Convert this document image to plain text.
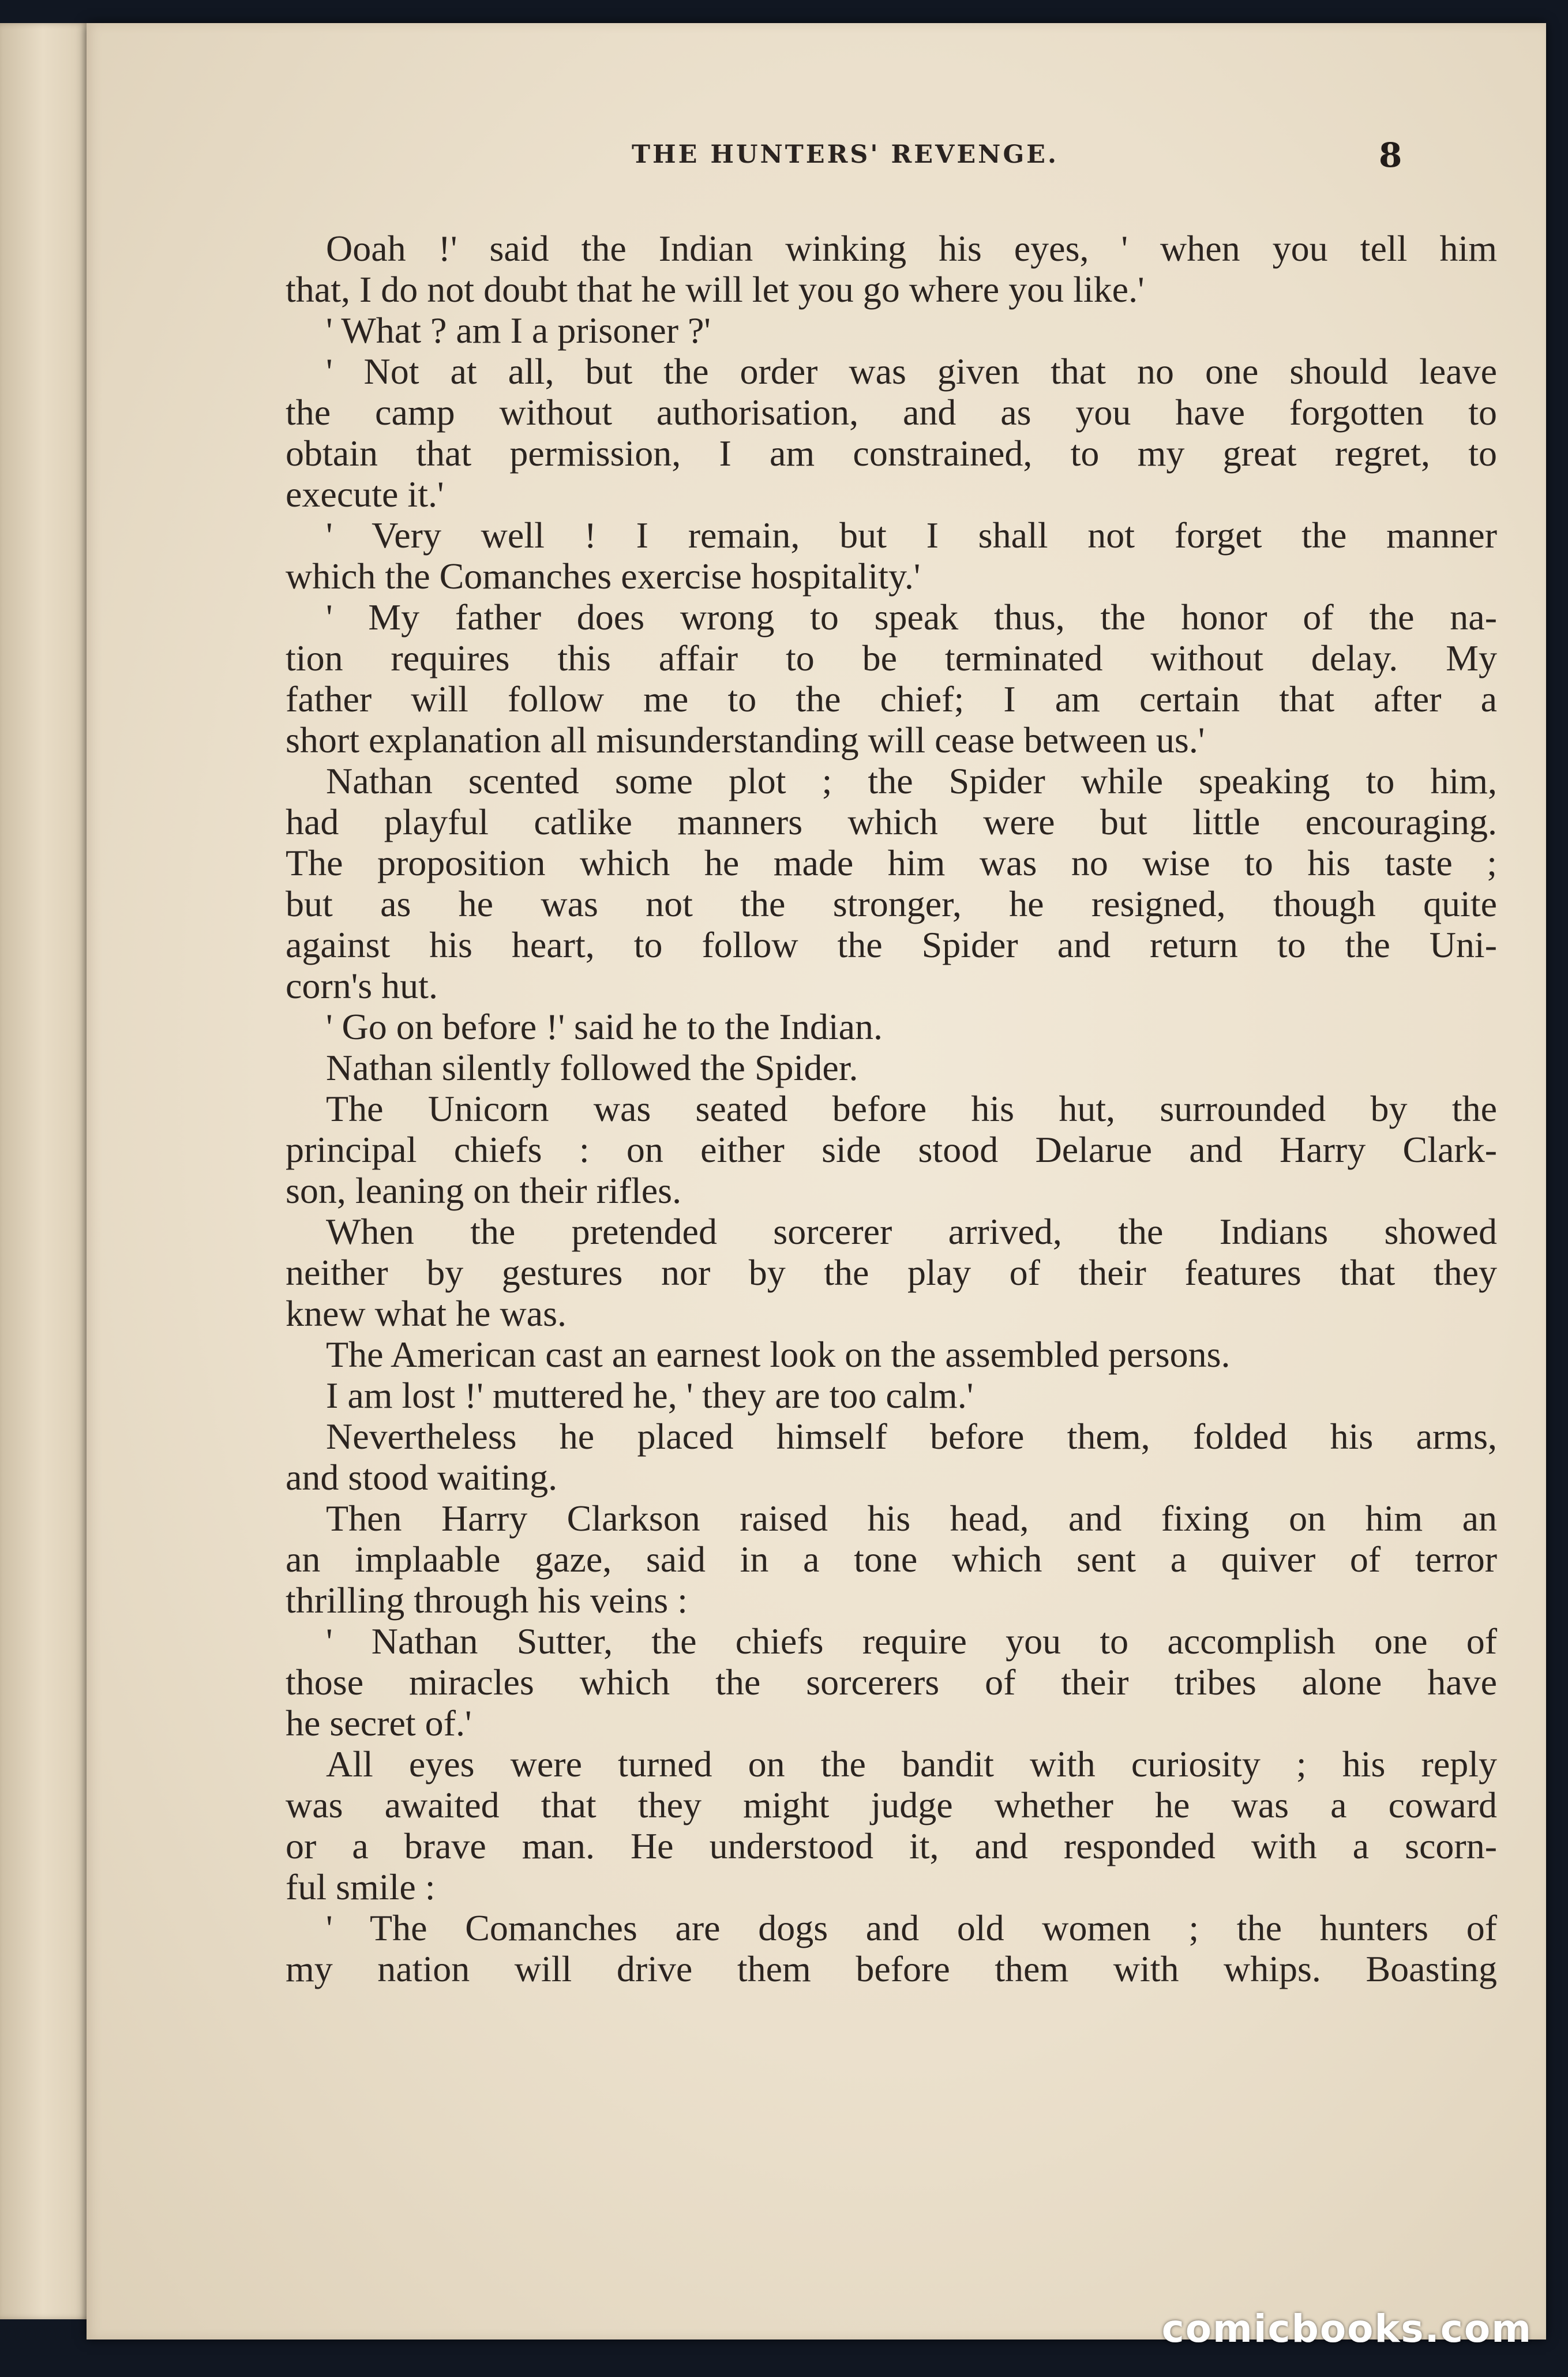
THE HUNTERS' REVENGE.	8
Ooah !' said the Indian winking his eyes, ' when you tell him
that, I do not doubt that he will let you go where you like.'
' What ? am I a prisoner ?'
' Not at all, but the order was given that no one should leave
the camp without authorisation, and as you have forgotten to
obtain that permission, I am constrained, to my great regret, to
execute it.'
' Very well ! I remain, but I shall not forget the manner
which the Comanches exercise hospitality.'
' My father does wrong to speak thus, the honor of the na-
tion requires this affair to be terminated without delay. My
father will follow me to the chief; I am certain that after a
short explanation all misunderstanding will cease between us.'
Nathan scented some plot ; the Spider while speaking to him,
had playful catlike manners which were but little encouraging.
The proposition which he made him was no wise to his taste ;
but as he was not the stronger, he resigned, though quite
against his heart, to follow the Spider and return to the Uni-
corn's hut.
' Go on before !' said he to the Indian.
Nathan silently followed the Spider.
The Unicorn was seated before his hut, surrounded by the
principal chiefs : on either side stood Delarue and Harry Clark-
son, leaning on their rifles.
When the pretended sorcerer arrived, the Indians showed
neither by gestures nor by the play of their features that they
knew what he was.
The American cast an earnest look on the assembled persons.
I am lost !' muttered he, ' they are too calm.'
Nevertheless he placed himself before them, folded his arms,
and stood waiting.
Then Harry Clarkson raised his head, and fixing on him an
an implaable gaze, said in a tone which sent a quiver of terror
thrilling through his veins :
' Nathan Sutter, the chiefs require you to accomplish one of
those miracles which the sorcerers of their tribes alone have
he secret of.'
All eyes were turned on the bandit with curiosity ; his reply
was awaited that they might judge whether he was a coward
or a brave man. He understood it, and responded with a scorn-
ful smile :
' The Comanches are dogs and old women ; the hunters of
my nation will drive them before them with whips. Boasting
comicbooks.com
